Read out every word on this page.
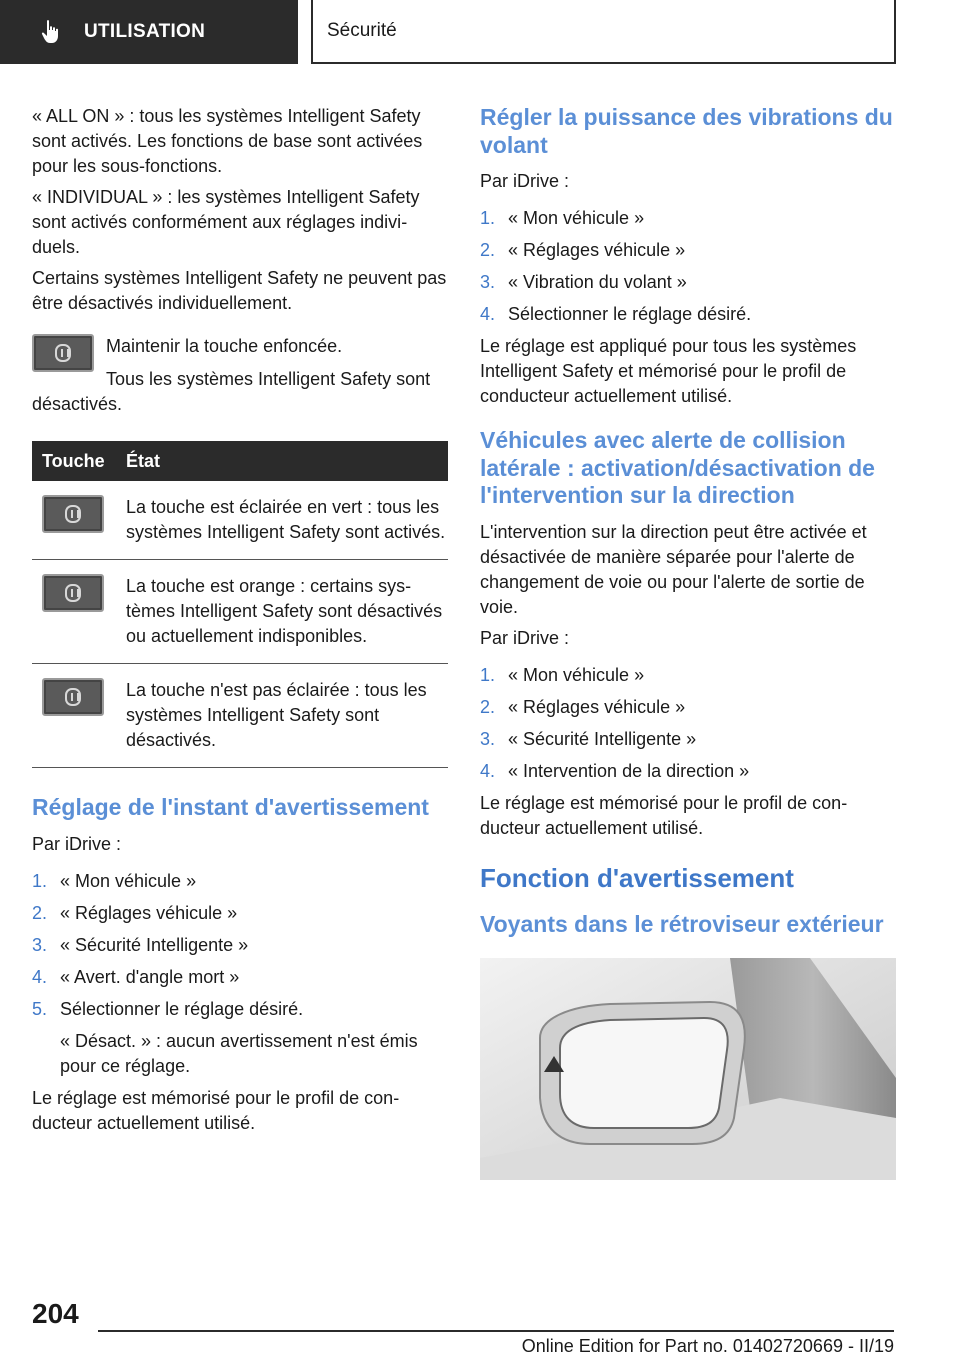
UTILISATION	Sécurité

« ALL ON » : tous les systèmes Intelligent Safety sont activés. Les fonctions de base sont activées pour les sous-fonctions.

« INDIVIDUAL » : les systèmes Intelligent Safety sont activés conformément aux réglages individuels.

Certains systèmes Intelligent Safety ne peuvent pas être désactivés individuellement.

Maintenir la touche enfoncée.

Tous les systèmes Intelligent Safety sont désactivés.

Touche	État

	La touche est éclairée en vert : tous les systèmes Intelligent Safety sont activés.

	La touche est orange : certains systèmes Intelligent Safety sont désactivés ou actuellement indisponibles.

	La touche n'est pas éclairée : tous les systèmes Intelligent Safety sont désactivés.
Réglage de l'instant d'avertissement

Par iDrive :

1. « Mon véhicule »
2. « Réglages véhicule »
3. « Sécurité Intelligente »
4. « Avert. d'angle mort »
5. Sélectionner le réglage désiré.
« Désact. » : aucun avertissement n'est émis pour ce réglage.

Le réglage est mémorisé pour le profil de conducteur actuellement utilisé.

Régler la puissance des vibrations du volant

Par iDrive :

1. « Mon véhicule »
2. « Réglages véhicule »
3. « Vibration du volant »
4. Sélectionner le réglage désiré.

Le réglage est appliqué pour tous les systèmes Intelligent Safety et mémorisé pour le profil de conducteur actuellement utilisé.

Véhicules avec alerte de collision latérale : activation/désactivation de l'intervention sur la direction

L'intervention sur la direction peut être activée et désactivée de manière séparée pour l'alerte de changement de voie ou pour l'alerte de sortie de voie.

Par iDrive :

1. « Mon véhicule »
2. « Réglages véhicule »
3. « Sécurité Intelligente »
4. « Intervention de la direction »

Le réglage est mémorisé pour le profil de conducteur actuellement utilisé.

Fonction d'avertissement
Voyants dans le rétroviseur extérieur
204
Online Edition for Part no. 01402720669 - II/19
